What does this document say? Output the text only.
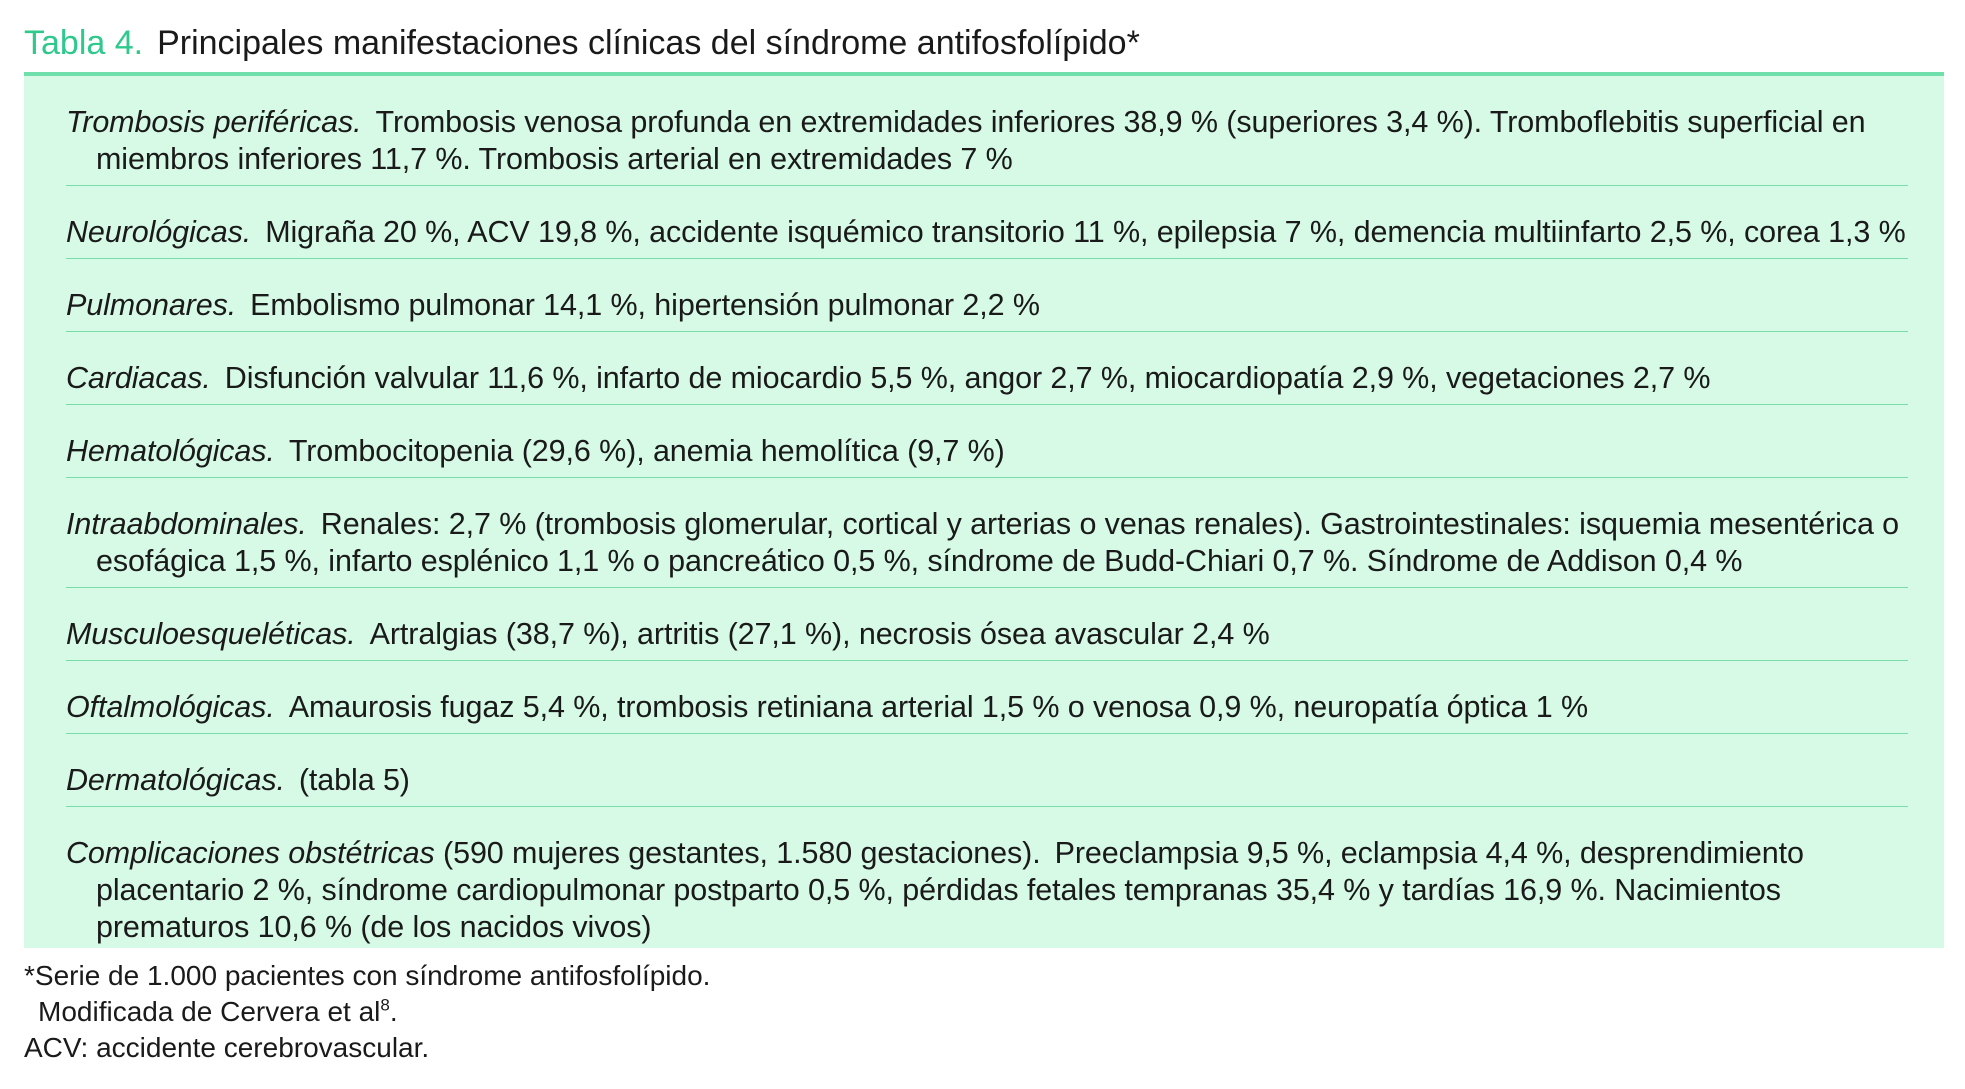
Tabla 4. Principales manifestaciones clínicas del síndrome antifosfolípido*
Trombosis periféricas. Trombosis venosa profunda en extremidades inferiores 38,9 % (superiores 3,4 %). Tromboflebitis superficial en miembros inferiores 11,7 %. Trombosis arterial en extremidades 7 %
Neurológicas. Migraña 20 %, ACV 19,8 %, accidente isquémico transitorio 11 %, epilepsia 7 %, demencia multiinfarto 2,5 %, corea 1,3 %
Pulmonares. Embolismo pulmonar 14,1 %, hipertensión pulmonar 2,2 %
Cardiacas. Disfunción valvular 11,6 %, infarto de miocardio 5,5 %, angor 2,7 %, miocardiopatía 2,9 %, vegetaciones 2,7 %
Hematológicas. Trombocitopenia (29,6 %), anemia hemolítica (9,7 %)
Intraabdominales. Renales: 2,7 % (trombosis glomerular, cortical y arterias o venas renales). Gastrointestinales: isquemia mesentérica o esofágica 1,5 %, infarto esplénico 1,1 % o pancreático 0,5 %, síndrome de Budd-Chiari 0,7 %. Síndrome de Addison 0,4 %
Musculoesqueléticas. Artralgias (38,7 %), artritis (27,1 %), necrosis ósea avascular 2,4 %
Oftalmológicas. Amaurosis fugaz 5,4 %, trombosis retiniana arterial 1,5 % o venosa 0,9 %, neuropatía óptica 1 %
Dermatológicas. (tabla 5)
Complicaciones obstétricas (590 mujeres gestantes, 1.580 gestaciones). Preeclampsia 9,5 %, eclampsia 4,4 %, desprendimiento placentario 2 %, síndrome cardiopulmonar postparto 0,5 %, pérdidas fetales tempranas 35,4 % y tardías 16,9 %. Nacimientos prematuros 10,6 % (de los nacidos vivos)
*Serie de 1.000 pacientes con síndrome antifosfolípido.
Modificada de Cervera et $al^8$.
ACV: accidente cerebrovascular.
